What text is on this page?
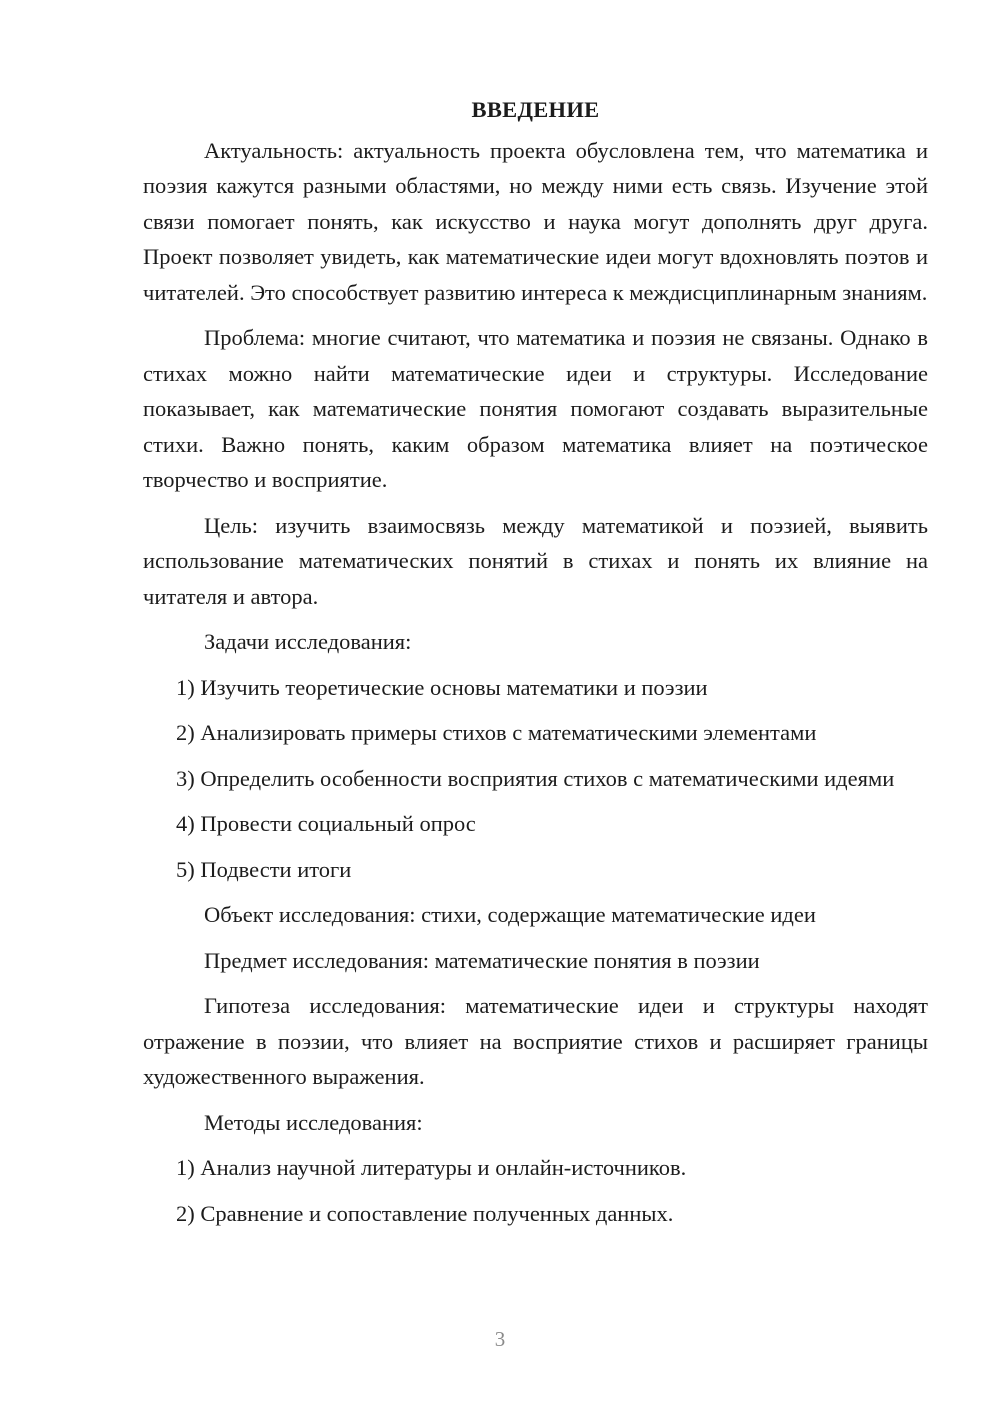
ВВЕДЕНИЕ

Актуальность: актуальность проекта обусловлена тем, что математика и поэзия кажутся разными областями, но между ними есть связь. Изучение этой связи помогает понять, как искусство и наука могут дополнять друг друга. Проект позволяет увидеть, как математические идеи могут вдохновлять поэтов и читателей. Это способствует развитию интереса к междисциплинарным знаниям.

Проблема: многие считают, что математика и поэзия не связаны. Однако в стихах можно найти математические идеи и структуры. Исследование показывает, как математические понятия помогают создавать выразительные стихи. Важно понять, каким образом математика влияет на поэтическое творчество и восприятие.

Цель: изучить взаимосвязь между математикой и поэзией, выявить использование математических понятий в стихах и понять их влияние на читателя и автора.

Задачи исследования:

1) Изучить теоретические основы математики и поэзии

2) Анализировать примеры стихов с математическими элементами

3) Определить особенности восприятия стихов с математическими идеями

4) Провести социальный опрос

5) Подвести итоги

Объект исследования: стихи, содержащие математические идеи

Предмет исследования: математические понятия в поэзии

Гипотеза исследования: математические идеи и структуры находят отражение в поэзии, что влияет на восприятие стихов и расширяет границы художественного выражения.

Методы исследования:

1) Анализ научной литературы и онлайн-источников.

2) Сравнение и сопоставление полученных данных.

3
